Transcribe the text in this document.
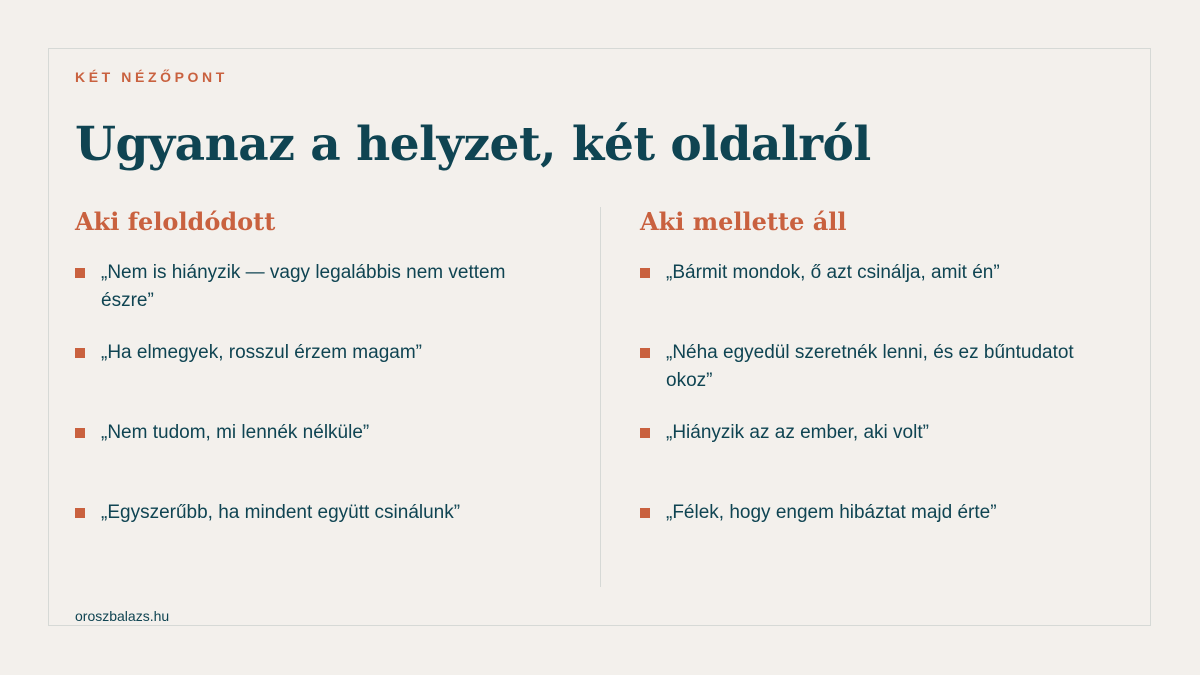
KÉT NÉZŐPONT

Ugyanaz a helyzet, két oldalról
Aki feloldódott
„Nem is hiányzik — vagy legalábbis nem vettem észre”
„Ha elmegyek, rosszul érzem magam”
„Nem tudom, mi lennék nélküle”
„Egyszerűbb, ha mindent együtt csinálunk”
Aki mellette áll
„Bármit mondok, ő azt csinálja, amit én”
„Néha egyedül szeretnék lenni, és ez bűntudatot okoz”
„Hiányzik az az ember, aki volt”
„Félek, hogy engem hibáztat majd érte”

oroszbalazs.hu
